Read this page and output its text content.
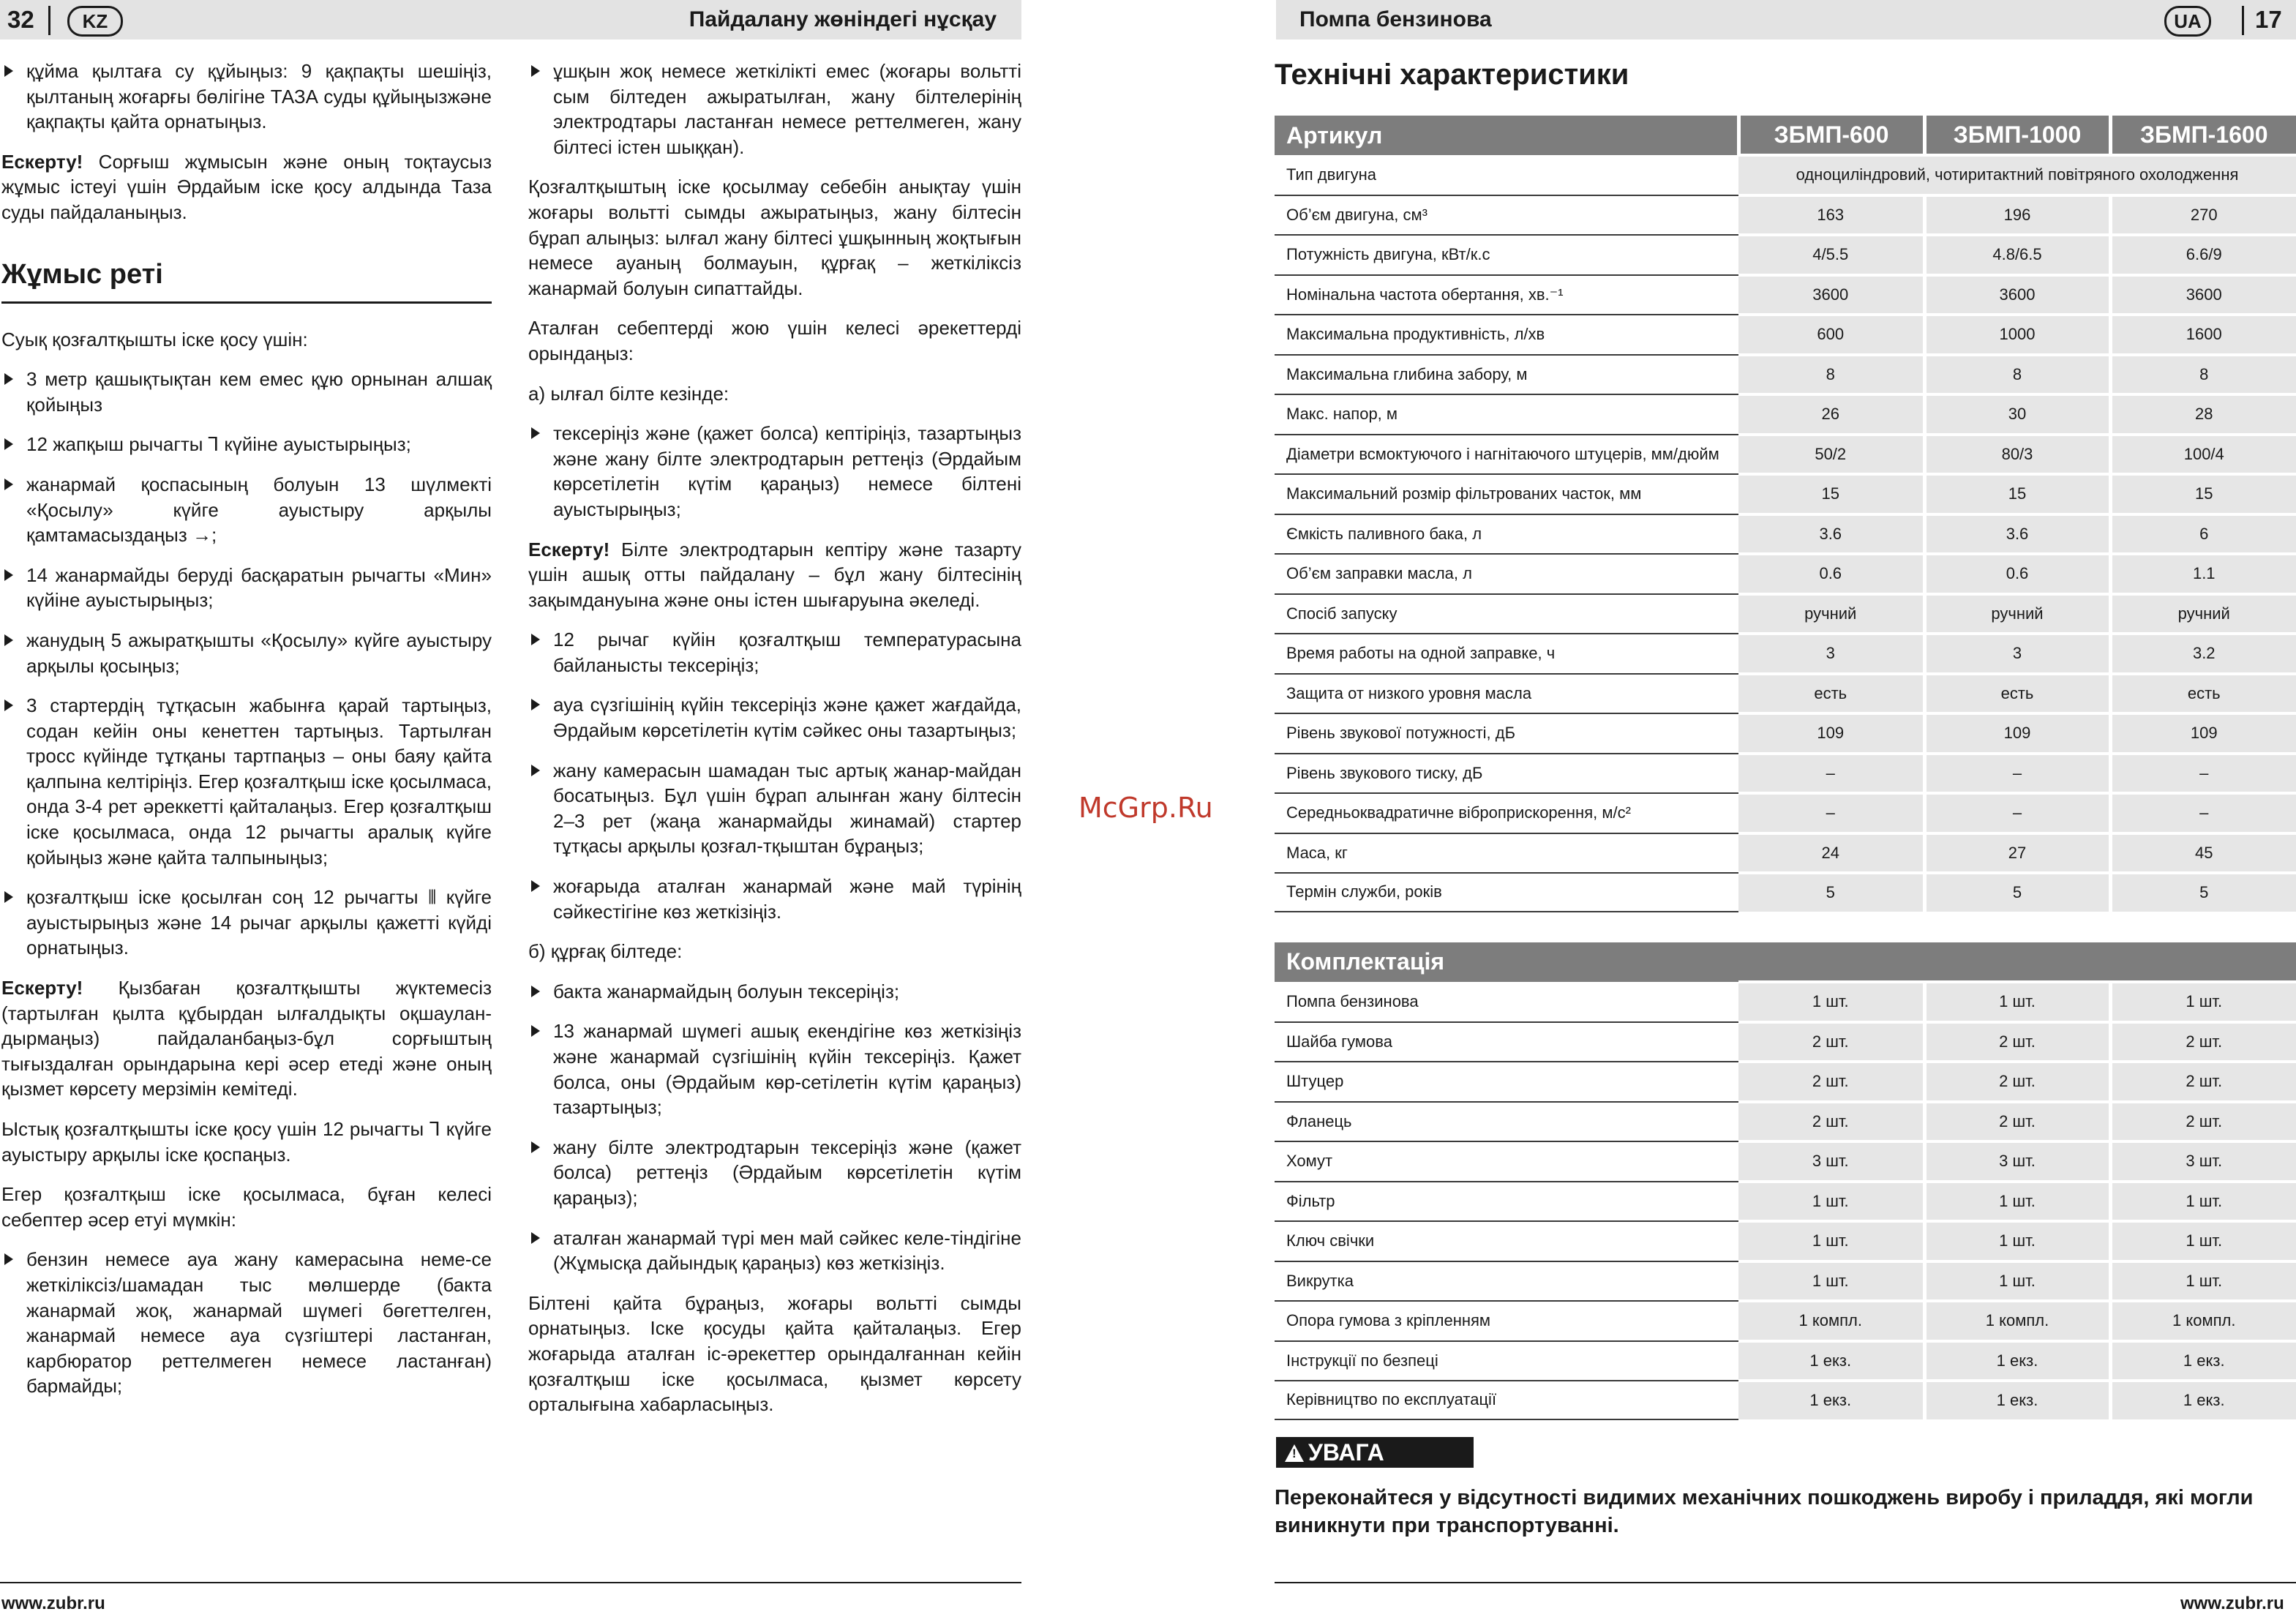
32	KZ	Пайдалану жөніндегі нұсқау
құйма қылтаға су құйыңыз: 9 қақпақты шешіңіз, қылтаның жоғарғы бөлігіне ТАЗА суды құйыңызжәне қақпақты қайта орнатыңыз.

Ескерту! Сорғыш жұмысын және оның тоқтаусыз жұмыс істеуі үшін Әрдайым іске қосу алдында Таза суды пайдаланыңыз.

Жұмыс реті

Суық қозғалтқышты іске қосу үшін:

3 метр қашықтықтан кем емес құю орнынан алшақ қойыңыз
12 жапқыш рычагты ⅂ күйіне ауыстырыңыз;
жанармай қоспасының болуын 13 шүлмекті «Қосылу» күйге ауыстыру арқылы қамтамасыздаңыз →;
14 жанармайды беруді басқаратын рычагты «Мин» күйіне ауыстырыңыз;
жанудың 5 ажыратқышты «Қосылу» күйге ауыстыру арқылы қосыңыз;
3 стартердің тұтқасын жабынға қарай тартыңыз, содан кейін оны кенеттен тартыңыз. Тартылған тросс күйінде тұтқаны тартпаңыз – оны баяу қайта қалпына келтіріңіз. Егер қозғалтқыш іске қосылмаса, онда 3-4 рет әреккетті қайталаңыз. Егер қозғалтқыш іске қосылмаса, онда 12 рычагты аралық күйге қойыңыз және қайта талпыныңыз;
қозғалтқыш іске қосылған соң 12 рычагты ⫴ күйге ауыстырыңыз және 14 рычаг арқылы қажетті күйді орнатыңыз.

Ескерту! Қызбаған қозғалтқышты жүктемесіз (тартылған қылта құбырдан ылғалдықты оқшаулан-дырмаңыз) пайдаланбаңыз-бұл сорғыштың тығыздалған орындарына кері әсер етеді және оның қызмет көрсету мерзімін кемітеді.

Ыстық қозғалтқышты іске қосу үшін 12 рычагты ⅂ күйге ауыстыру арқылы іске қоспаңыз.

Егер қозғалтқыш іске қосылмаса, бұған келесі себептер әсер етуі мүмкін:

бензин немесе ауа жану камерасына неме-се жеткіліксіз/шамадан тыс мөлшерде (бакта жанармай жоқ, жанармай шүмегі бөгеттелген, жанармай немесе ауа сүзгіштері ластанған, карбюратор реттелмеген немесе ластанған) бармайды;
ұшқын жоқ немесе жеткілікті емес (жоғары вольтті сым білтеден ажыратылған, жану білтелерінің электродтары ластанған немесе реттелмеген, жану білтесі істен шыққан).

Қозғалтқыштың іске қосылмау себебін анықтау үшін жоғары вольтті сымды ажыратыңыз, жану білтесін бұрап алыңыз: ылғал жану білтесі ұшқынның жоқтығын немесе ауаның болмауын, құрғақ – жеткіліксіз жанармай болуын сипаттайды.

Аталған себептерді жою үшін келесі әрекеттерді орындаңыз:

а) ылғал білте кезінде:

тексеріңіз және (қажет болса) кептіріңіз, тазартыңыз және жану білте электродтарын реттеңіз (Әрдайым көрсетілетін күтім қараңыз) немесе білтені ауыстырыңыз;

Ескерту! Білте электродтарын кептіру және тазарту үшін ашық отты пайдалану – бұл жану білтесінің зақымдануына және оны істен шығаруына әкеледі.

12 рычаг күйін қозғалтқыш температурасына байланысты тексеріңіз;
ауа сүзгішінің күйін тексеріңіз және қажет жағдайда, Әрдайым көрсетілетін күтім сәйкес оны тазартыңыз;
жану камерасын шамадан тыс артық жанар-майдан босатыңыз. Бұл үшін бұрап алынған жану білтесін 2–3 рет (жаңа жанармайды жинамай) стартер тұтқасы арқылы қозғал-тқыштан бұраңыз;
жоғарыда аталған жанармай және май түрінің сәйкестігіне көз жеткізіңіз.

б) құрғақ білтеде:

бакта жанармайдың болуын тексеріңіз;
13 жанармай шүмегі ашық екендігіне көз жеткізіңіз және жанармай сүзгішінің күйін тексеріңіз. Қажет болса, оны (Әрдайым көр-сетілетін күтім қараңыз) тазартыңыз;
жану білте электродтарын тексеріңіз және (қажет болса) реттеңіз (Әрдайым көрсетілетін күтім қараңыз);
аталған жанармай түрі мен май сәйкес келе-тіндігіне (Жұмысқа дайындық қараңыз) көз жеткізіңіз.

Білтені қайта бұраңыз, жоғары вольтті сымды орнатыңыз. Іске қосуды қайта қайталаңыз. Егер жоғарыда аталған іс-әрекеттер орындалғаннан кейін қозғалтқыш іске қосылмаса, қызмет көрсету орталығына хабарласыңыз.

www.zubr.ru
McGrp.Ru
Помпа бензинова	UA	17
Технічні характеристики
Артикул	ЗБМП-600	ЗБМП-1000	ЗБМП-1600
Тип двигуна	одноциліндровий, чотиритактний повітряного охолодження		
Об’єм двигуна, см³	163	196	270
Потужність двигуна, кВт/к.с	4/5.5	4.8/6.5	6.6/9
Номінальна частота обертання, хв.⁻¹	3600	3600	3600
Максимальна продуктивність, л/хв	600	1000	1600
Максимальна глибина забору, м	8	8	8
Макс. напор, м	26	30	28
Діаметри всмоктуючого і нагнітаючого штуцерів, мм/дюйм	50/2	80/3	100/4
Максимальний розмір фільтрованих часток, мм	15	15	15
Ємкість паливного бака, л	3.6	3.6	6
Об’єм заправки масла, л	0.6	0.6	1.1
Спосіб запуску	ручний	ручний	ручний
Время работы на одной заправке, ч	3	3	3.2
Защита от низкого уровня масла	есть	есть	есть
Рівень звукової потужності, дБ	109	109	109
Рівень звукового тиску, дБ	–	–	–
Середньоквадратичне віброприскорення, м/с²	–	–	–
Маса, кг	24	27	45
Термін служби, років	5	5	5
Комплектація			
Помпа бензинова	1 шт.	1 шт.	1 шт.
Шайба гумова	2 шт.	2 шт.	2 шт.
Штуцер	2 шт.	2 шт.	2 шт.
Фланець	2 шт.	2 шт.	2 шт.
Хомут	3 шт.	3 шт.	3 шт.
Фільтр	1 шт.	1 шт.	1 шт.
Ключ свічки	1 шт.	1 шт.	1 шт.
Викрутка	1 шт.	1 шт.	1 шт.
Опора гумова з кріпленням	1 компл.	1 компл.	1 компл.
Інструкції по безпеці	1 екз.	1 екз.	1 екз.
Керівництво по експлуатації	1 екз.	1 екз.	1 екз.
! УВАГА
Переконайтеся у відсутності видимих механічних пошкоджень виробу і приладдя, які могли виникнути при транспортуванні.
www.zubr.ru
